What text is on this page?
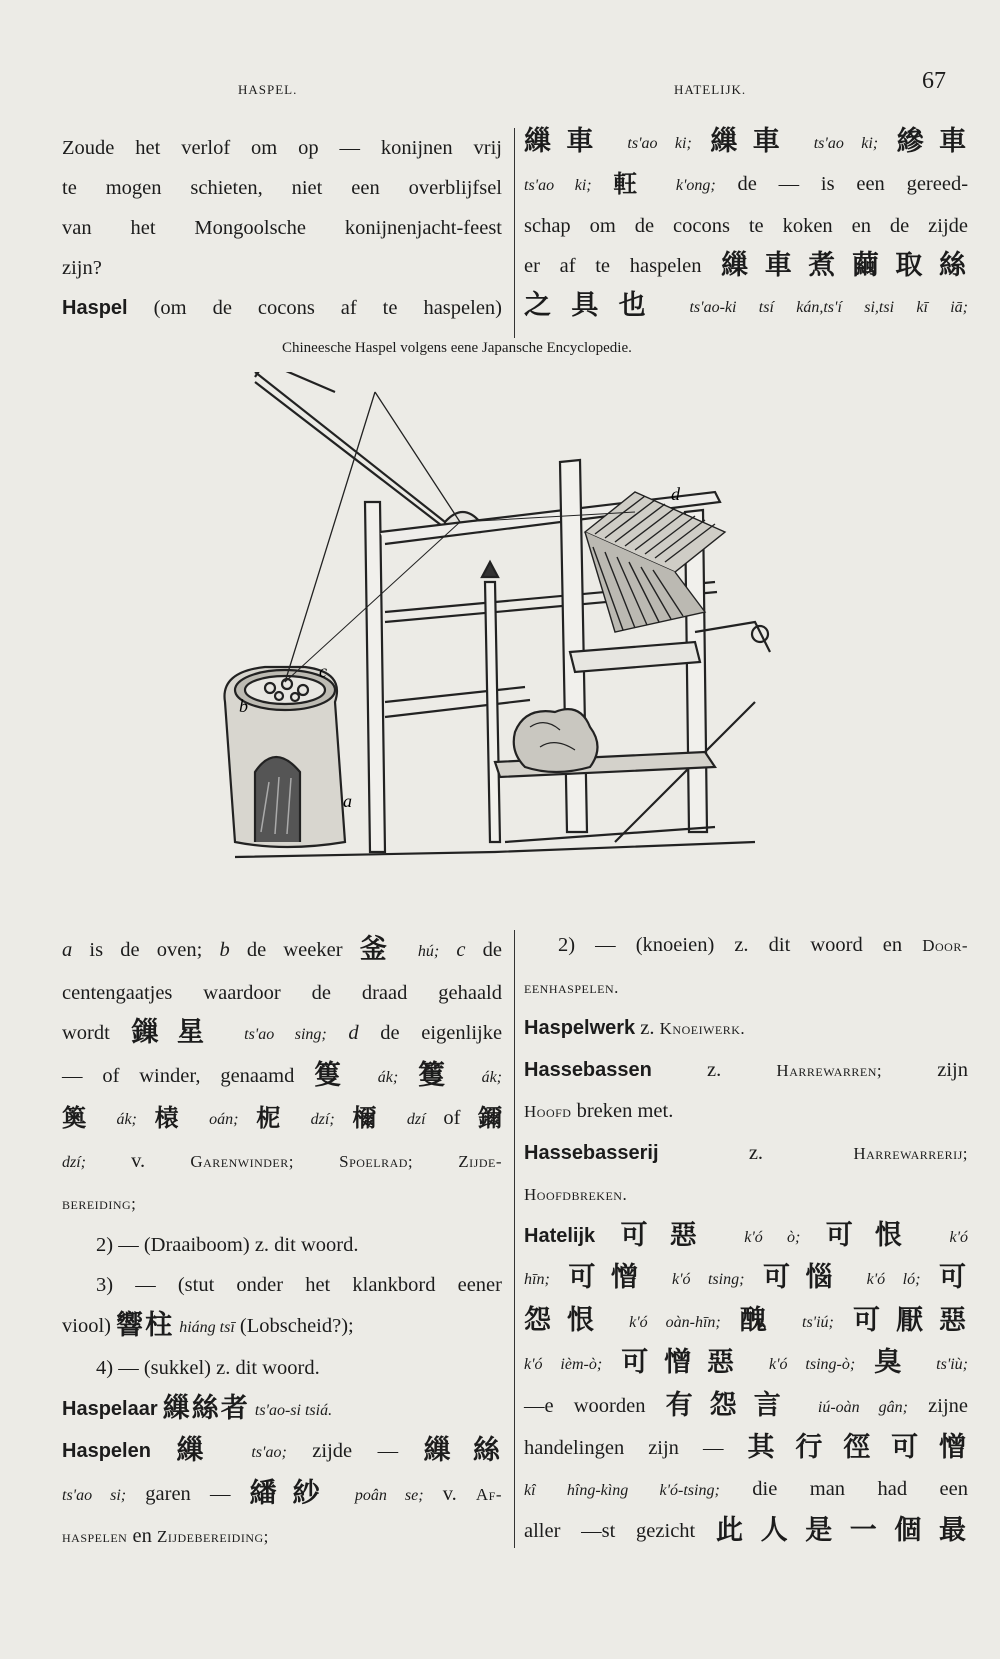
HASPEL.	HATELIJK.	67

Zoude het verlof om op — konijnen vrij

te mogen schieten, niet een overblijfsel

van het Mongoolsche konijnenjacht-feest

zijn?

Haspel (om de cocons af te haspelen)

繅車 ts'ao ki; 繅車 ts'ao ki; 縿車

ts'ao ki; 軖 k'ong; de — is een gereed-

schap om de cocons te koken en de zijde

er af te haspelen 繅車煮繭取絲

之具也 ts'ao-ki tsí kán,ts'í si,tsi kī iā;

Chineesche Haspel volgens eene Japansche Encyclopedie.
a
b
c
d

a is de oven; b de weeker 釜 hú; c de

centengaatjes waardoor de draad gehaald

wordt 鏁星 ts'ao sing; d de eigenlijke

— of winder, genaamd 篗 ák; 籆 ák;

䉛 ák; 榬 oán; 柅 dzí; 檷 dzí of 鑈

dzí; v.	Garenwinder;	Spoelrad;	Zijde-

bereiding;

2) — (Draaiboom) z. dit woord.

3) — (stut onder het klankbord eener

viool) 響柱 hiáng tsī (Lobscheid?);

4) — (sukkel) z. dit woord.

Haspelaar 繅絲者 ts'ao-si tsiá.

Haspelen 繅 ts'ao; zijde — 繅絲

ts'ao si; garen — 繙紗 poân se; v. Af-

haspelen en Zijdebereiding;

2) — (knoeien) z. dit woord en Door-

eenhaspelen.

Haspelwerk z. Knoeiwerk.

Hassebassen	z.	Harrewarren;	zijn

Hoofd breken met.

Hassebasserij	z.	Harrewarrerij;

Hoofdbreken.

Hatelijk 可惡 k'ó ò; 可恨 k'ó

hīn; 可憎 k'ó tsing; 可惱 k'ó ló; 可

怨恨 k'ó oàn-hīn; 醜 ts'iú; 可厭惡

k'ó ièm-ò; 可憎惡 k'ó tsing-ò; 臭 ts'iù;

—e woorden 有怨言 iú-oàn gân; zijne

handelingen zijn — 其行徑可憎

kî hîng-kìng k'ó-tsing; die man had een

aller —st gezicht 此人是一個最
